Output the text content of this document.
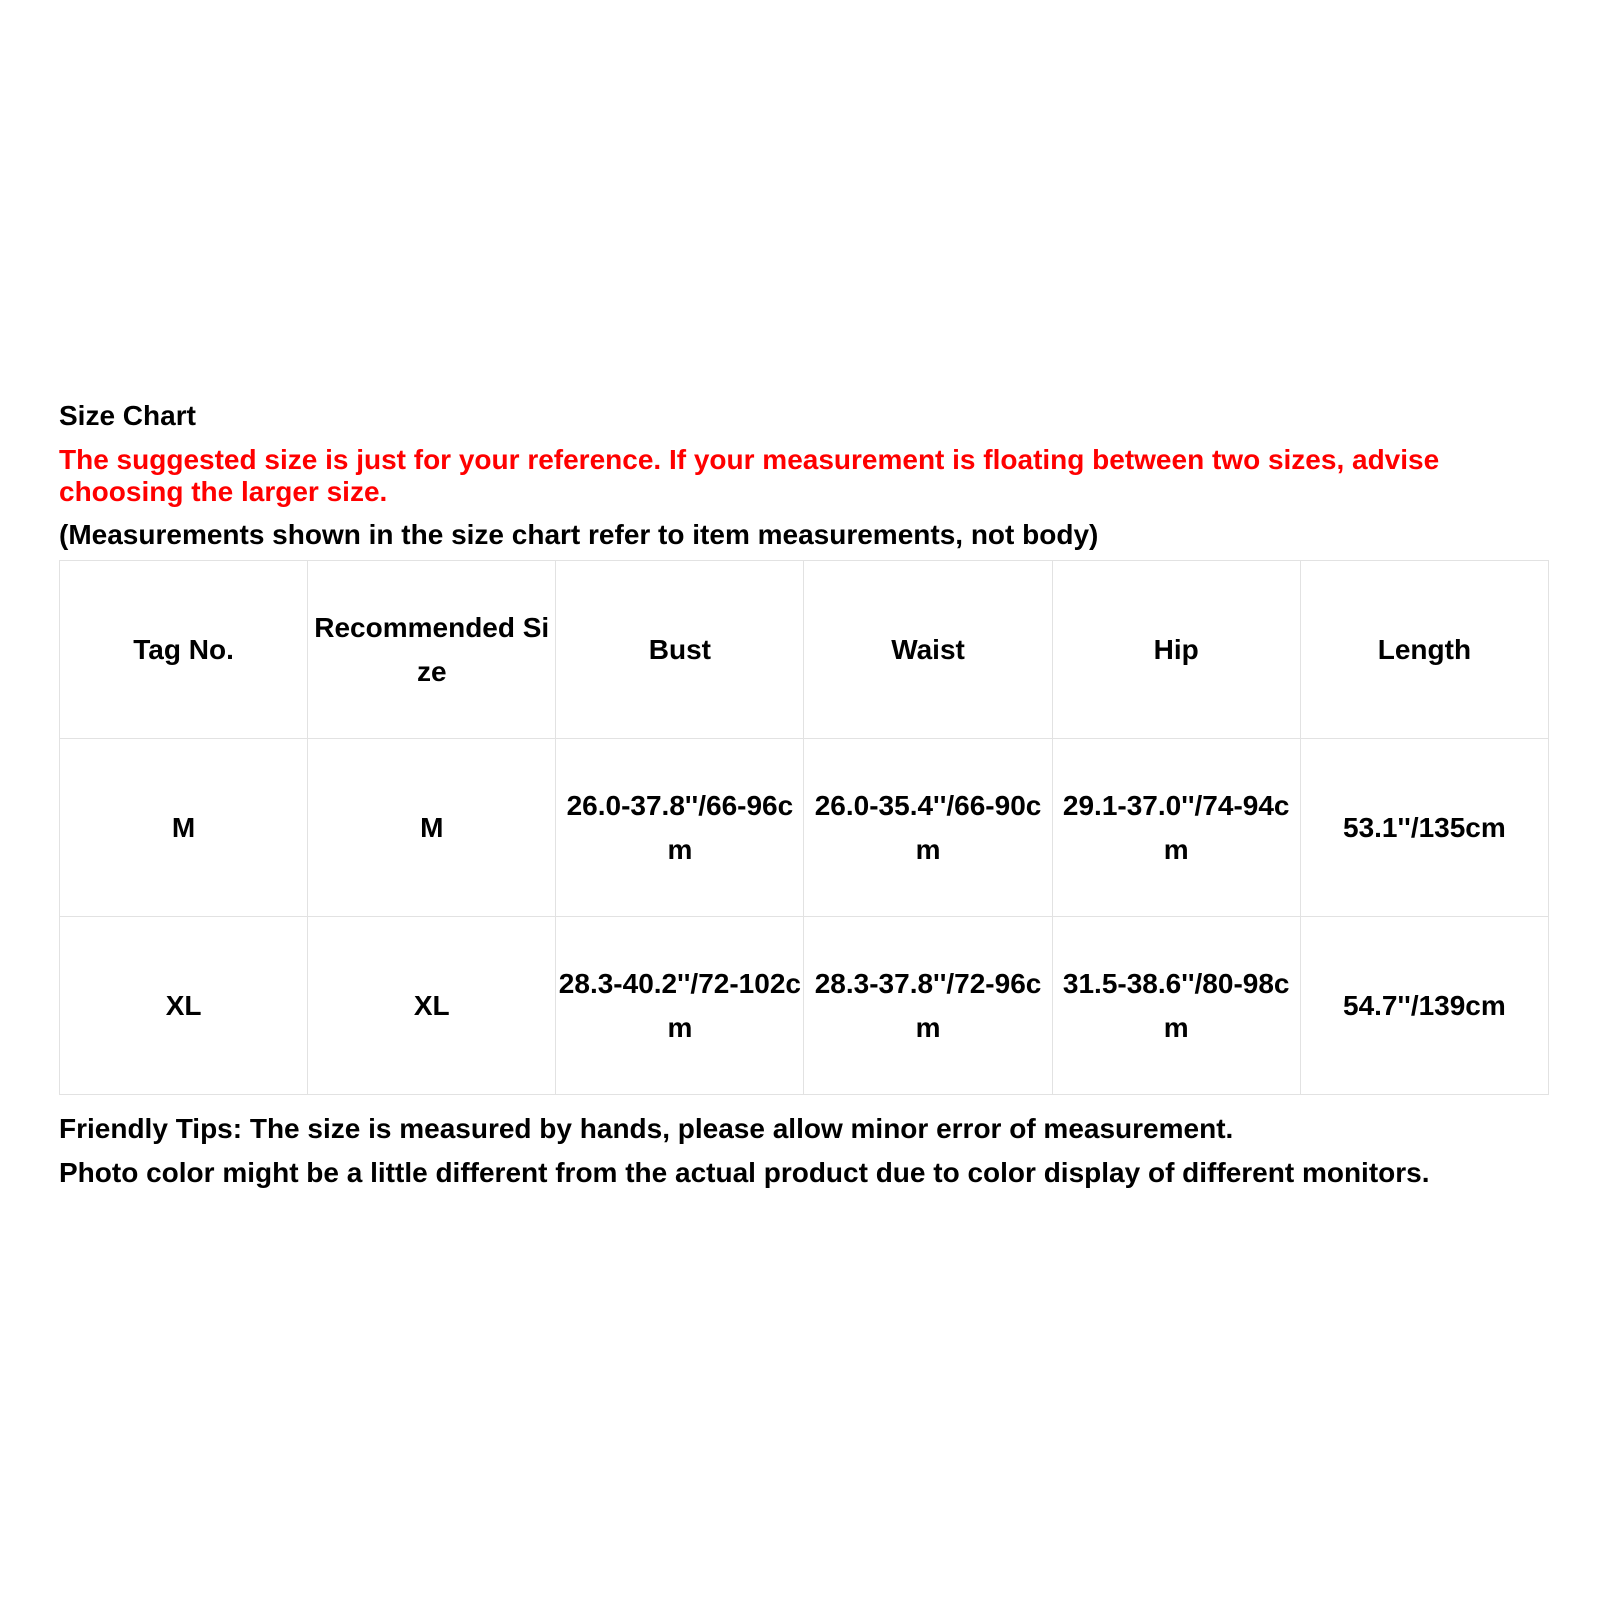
Size Chart
The suggested size is just for your reference. If your measurement is floating between two sizes, advise choosing the larger size.
(Measurements shown in the size chart refer to item measurements, not body)
Tag No.	Recommended Size	Bust	Waist	Hip	Length
M	M	26.0-37.8''/66-96cm	26.0-35.4''/66-90cm	29.1-37.0''/74-94cm	53.1''/135cm
XL	XL	28.3-40.2''/72-102cm	28.3-37.8''/72-96cm	31.5-38.6''/80-98cm	54.7''/139cm
Friendly Tips: The size is measured by hands, please allow minor error of measurement.
Photo color might be a little different from the actual product due to color display of different monitors.
